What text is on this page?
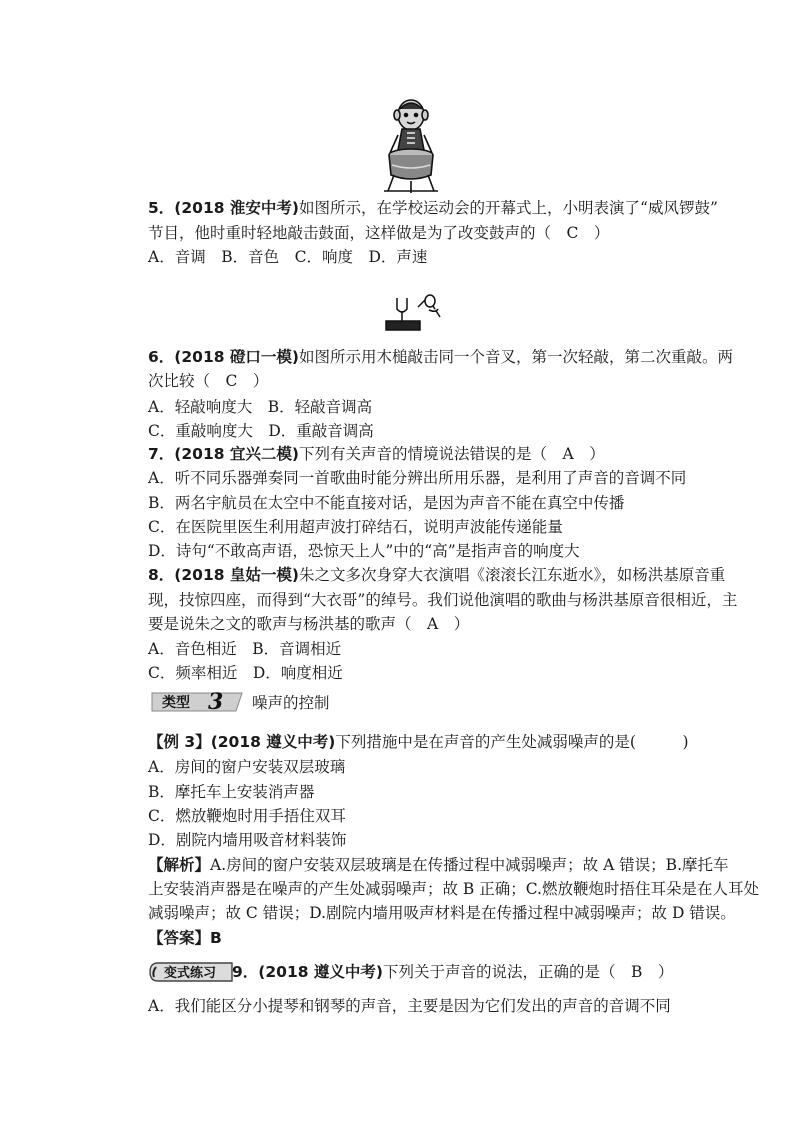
5．(2018 淮安中考)如图所示，在学校运动会的开幕式上，小明表演了“威风锣鼓”
节目，他时重时轻地敲击鼓面，这样做是为了改变鼓声的（　C　）
A．音调　B．音色　C．响度　D．声速
6．(2018 磴口一模)如图所示用木槌敲击同一个音叉，第一次轻敲，第二次重敲。两
次比较（　C　）
A．轻敲响度大　B．轻敲音调高
C．重敲响度大　D．重敲音调高
7．(2018 宜兴二模)下列有关声音的情境说法错误的是（　A　）
A．听不同乐器弹奏同一首歌曲时能分辨出所用乐器，是利用了声音的音调不同
B．两名宇航员在太空中不能直接对话，是因为声音不能在真空中传播
C．在医院里医生利用超声波打碎结石，说明声波能传递能量
D．诗句“不敢高声语，恐惊天上人”中的“高”是指声音的响度大
8．(2018 皇姑一模)朱之文多次身穿大衣演唱《滚滚长江东逝水》，如杨洪基原音重
现，技惊四座，而得到“大衣哥”的绰号。我们说他演唱的歌曲与杨洪基原音很相近，主
要是说朱之文的歌声与杨洪基的歌声（　A　）
A．音色相近　B．音调相近
C．频率相近　D．响度相近
类型 3 噪声的控制
【例 3】(2018 遵义中考)下列措施中是在声音的产生处减弱噪声的是(　　　)
A．房间的窗户安装双层玻璃
B．摩托车上安装消声器
C．燃放鞭炮时用手捂住双耳
D．剧院内墙用吸音材料装饰
【解析】A.房间的窗户安装双层玻璃是在传播过程中减弱噪声；故 A 错误；B.摩托车
上安装消声器是在噪声的产生处减弱噪声；故 B 正确；C.燃放鞭炮时捂住耳朵是在人耳处
减弱噪声；故 C 错误；D.剧院内墙用吸声材料是在传播过程中减弱噪声；故 D 错误。
【答案】B
变式练习 9．(2018 遵义中考)下列关于声音的说法，正确的是（　B　）
A．我们能区分小提琴和钢琴的声音，主要是因为它们发出的声音的音调不同
